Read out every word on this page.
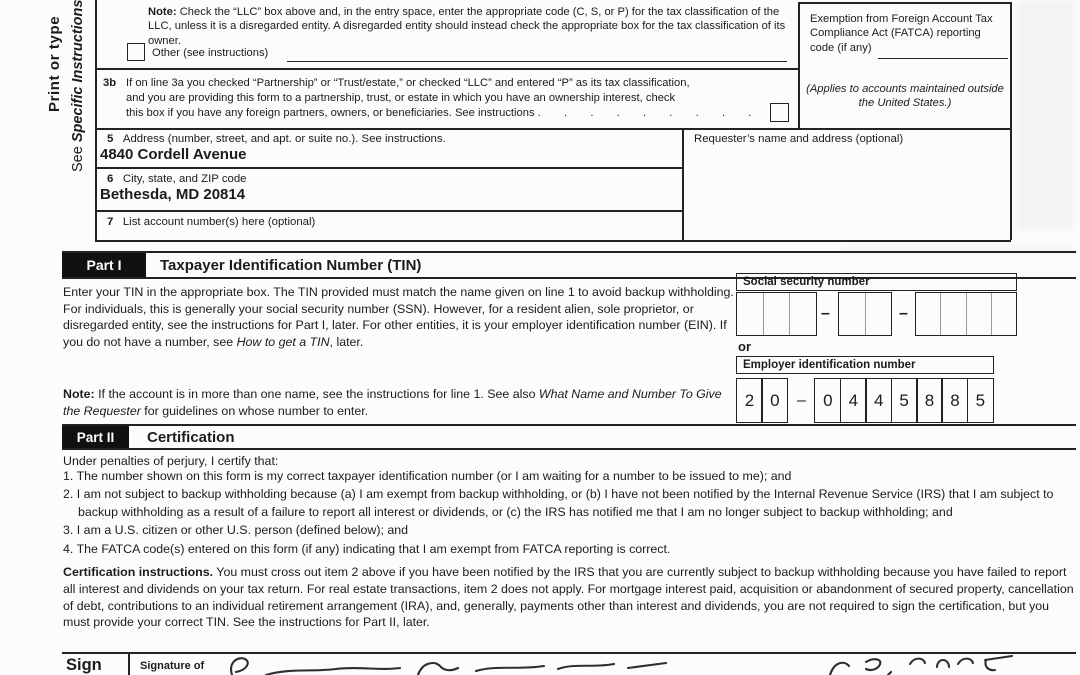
Print or type
See Specific Instructions	Note: Check the “LLC” box above and, in the entry space, enter the appropriate code (C, S, or P) for the tax classification of the LLC, unless it is a disregarded entity. A disregarded entity should instead check the appropriate box for the tax classification of its owner.
Other (see instructions)
Exemption from Foreign Account Tax Compliance Act (FATCA) reporting code (if any)
(Applies to accounts maintained outside the United States.)
3b If on line 3a you checked “Partnership” or “Trust/estate,” or checked “LLC” and entered “P” as its tax classification,
and you are providing this form to a partnership, trust, or estate in which you have an ownership interest, check
this box if you have any foreign partners, owners, or beneficiaries. See instructions .  .  .  .  .  .  .  .  .
5 Address (number, street, and apt. or suite no.). See instructions.
4840 Cordell Avenue
Requester’s name and address (optional)
6 City, state, and ZIP code
Bethesda, MD 20814
7 List account number(s) here (optional)
Part I	Taxpayer Identification Number (TIN)
Enter your TIN in the appropriate box. The TIN provided must match the name given on line 1 to avoid backup withholding. For individuals, this is generally your social security number (SSN). However, for a resident alien, sole proprietor, or disregarded entity, see the instructions for Part I, later. For other entities, it is your employer identification number (EIN). If you do not have a number, see How to get a TIN, later.
Note: If the account is in more than one name, see the instructions for line 1. See also What Name and Number To Give the Requester for guidelines on whose number to enter.
Social security number
–	–
or
Employer identification number
2 0	–	0 4 4 5 8 8 5
Part II	Certification
Under penalties of perjury, I certify that:
1. The number shown on this form is my correct taxpayer identification number (or I am waiting for a number to be issued to me); and
2. I am not subject to backup withholding because (a) I am exempt from backup withholding, or (b) I have not been notified by the Internal Revenue Service (IRS) that I am subject to backup withholding as a result of a failure to report all interest or dividends, or (c) the IRS has notified me that I am no longer subject to backup withholding; and
3. I am a U.S. citizen or other U.S. person (defined below); and
4. The FATCA code(s) entered on this form (if any) indicating that I am exempt from FATCA reporting is correct.
Certification instructions. You must cross out item 2 above if you have been notified by the IRS that you are currently subject to backup withholding because you have failed to report all interest and dividends on your tax return. For real estate transactions, item 2 does not apply. For mortgage interest paid, acquisition or abandonment of secured property, cancellation of debt, contributions to an individual retirement arrangement (IRA), and, generally, payments other than interest and dividends, you are not required to sign the certification, but you must provide your correct TIN. See the instructions for Part II, later.
Sign	Signature of
